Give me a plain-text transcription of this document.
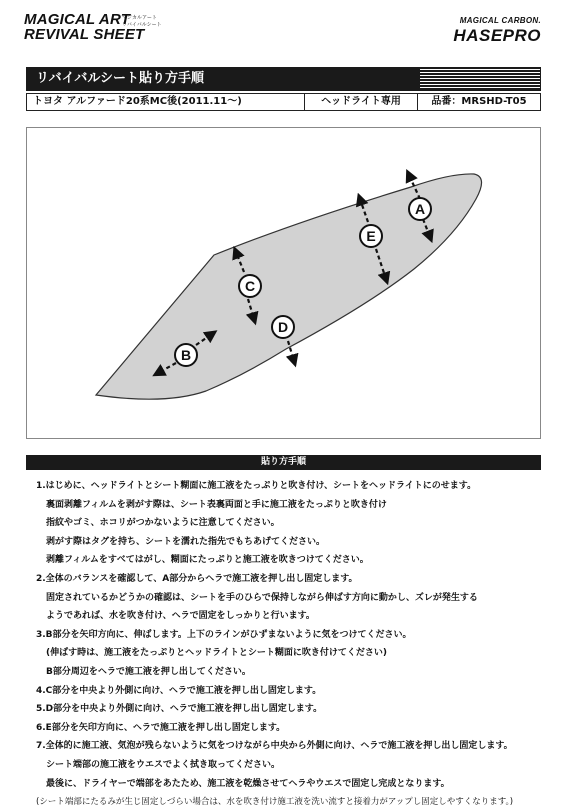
MAGICAL ART
REVIVAL SHEET
マジカルアート
リバイバルシート	MAGICAL CARBON.
HASEPRO
リバイバルシート貼り方手順
トヨタ アルファード20系MC後(2011.11〜)	ヘッドライト専用	品番：MRSHD-T05
A
E
C
D
B
貼り方手順
1.はじめに、ヘッドライトとシート糊面に施工液をたっぷりと吹き付け、シートをヘッドライトにのせます。
裏面剥離フィルムを剥がす際は、シート表裏両面と手に施工液をたっぷりと吹き付け
指紋やゴミ、ホコリがつかないように注意してください。
剥がす際はタグを持ち、シートを濡れた指先でもちあげてください。
剥離フィルムをすべてはがし、糊面にたっぷりと施工液を吹きつけてください。
2.全体のバランスを確認して、A部分からヘラで施工液を押し出し固定します。
固定されているかどうかの確認は、シートを手のひらで保持しながら伸ばす方向に動かし、ズレが発生する
ようであれば、水を吹き付け、ヘラで固定をしっかりと行います。
3.B部分を矢印方向に、伸ばします。上下のラインがひずまないように気をつけてください。
(伸ばす時は、施工液をたっぷりとヘッドライトとシート糊面に吹き付けてください)
B部分周辺をヘラで施工液を押し出してください。
4.C部分を中央より外側に向け、ヘラで施工液を押し出し固定します。
5.D部分を中央より外側に向け、ヘラで施工液を押し出し固定します。
6.E部分を矢印方向に、ヘラで施工液を押し出し固定します。
7.全体的に施工液、気泡が残らないように気をつけながら中央から外側に向け、ヘラで施工液を押し出し固定します。
シート端部の施工液をウエスでよく拭き取ってください。
最後に、ドライヤーで端部をあたため、施工液を乾燥させてヘラやウエスで固定し完成となります。
(シート端部にたるみが生じ固定しづらい場合は、水を吹き付け施工液を洗い流すと接着力がアップし固定しやすくなります。)
